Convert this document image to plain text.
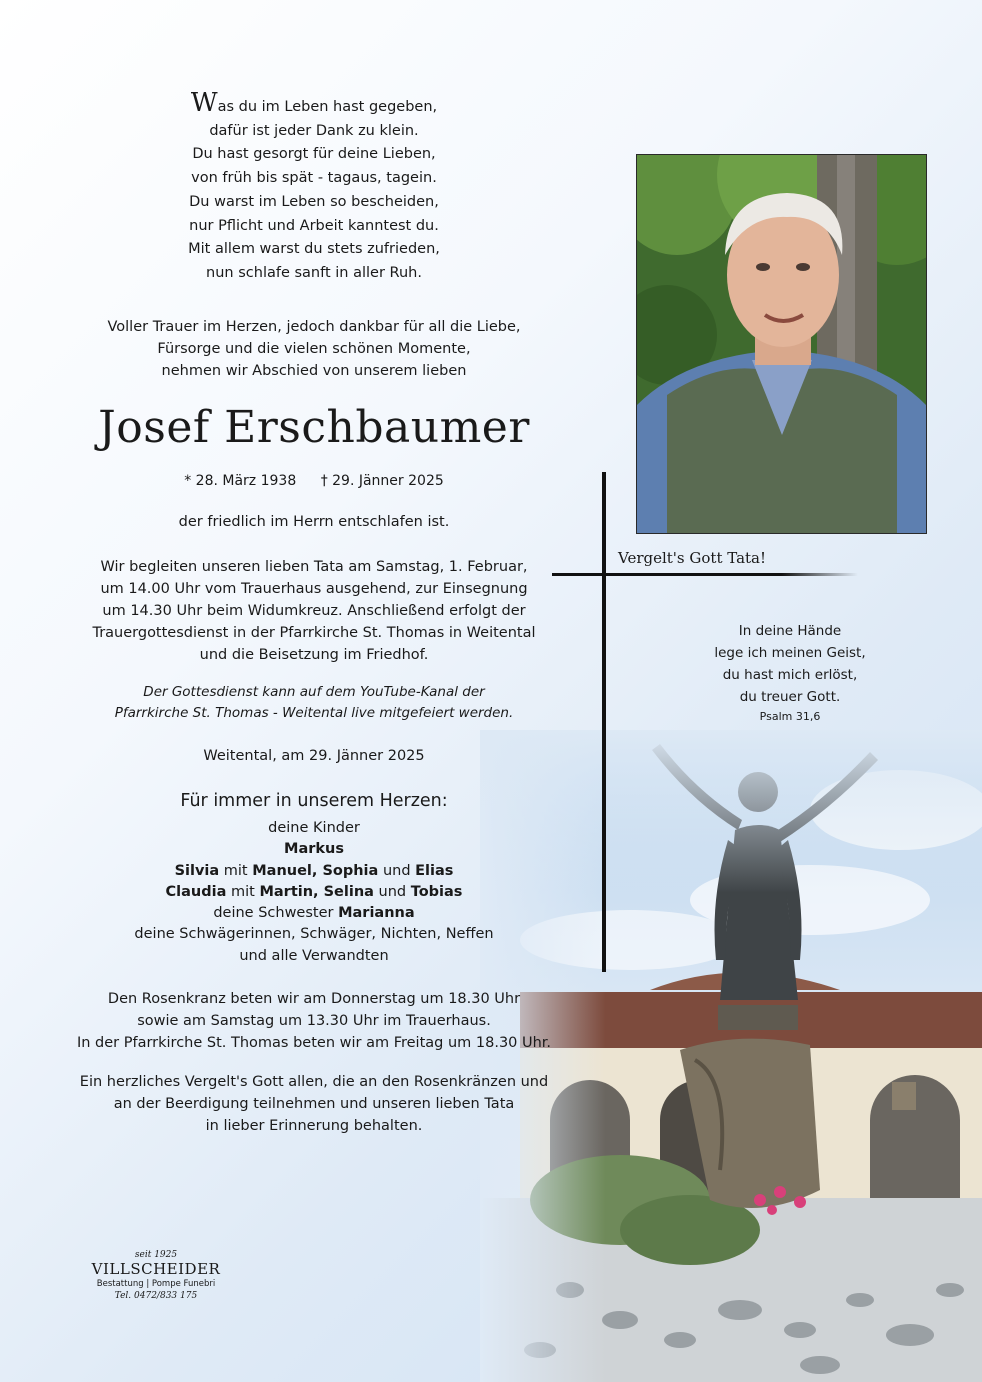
Was du im Leben hast gegeben,
dafür ist jeder Dank zu klein.
Du hast gesorgt für deine Lieben,
von früh bis spät - tagaus, tagein.
Du warst im Leben so bescheiden,
nur Pflicht und Arbeit kanntest du.
Mit allem warst du stets zufrieden,
nun schlafe sanft in aller Ruh.
Voller Trauer im Herzen, jedoch dankbar für all die Liebe,
Fürsorge und die vielen schönen Momente,
nehmen wir Abschied von unserem lieben
Josef Erschbaumer
* 28. März 1938 † 29. Jänner 2025
der friedlich im Herrn entschlafen ist.
Wir begleiten unseren lieben Tata am Samstag, 1. Februar,
um 14.00 Uhr vom Trauerhaus ausgehend, zur Einsegnung
um 14.30 Uhr beim Widumkreuz. Anschließend erfolgt der
Trauergottesdienst in der Pfarrkirche St. Thomas in Weitental
und die Beisetzung im Friedhof.
Der Gottesdienst kann auf dem YouTube-Kanal der
Pfarrkirche St. Thomas - Weitental live mitgefeiert werden.
Weitental, am 29. Jänner 2025
Für immer in unserem Herzen:
deine Kinder
Markus
Silvia mit Manuel, Sophia und Elias
Claudia mit Martin, Selina und Tobias
deine Schwester Marianna
deine Schwägerinnen, Schwäger, Nichten, Neffen
und alle Verwandten
Den Rosenkranz beten wir am Donnerstag um 18.30 Uhr
sowie am Samstag um 13.30 Uhr im Trauerhaus.
In der Pfarrkirche St. Thomas beten wir am Freitag um 18.30 Uhr.
Ein herzliches Vergelt's Gott allen, die an den Rosenkränzen und
an der Beerdigung teilnehmen und unseren lieben Tata
in lieber Erinnerung behalten.
Vergelt's Gott Tata!
In deine Hände
lege ich meinen Geist,
du hast mich erlöst,
du treuer Gott.
Psalm 31,6
seit 1925
VILLSCHEIDER
Bestattung | Pompe Funebri
Tel. 0472/833 175
